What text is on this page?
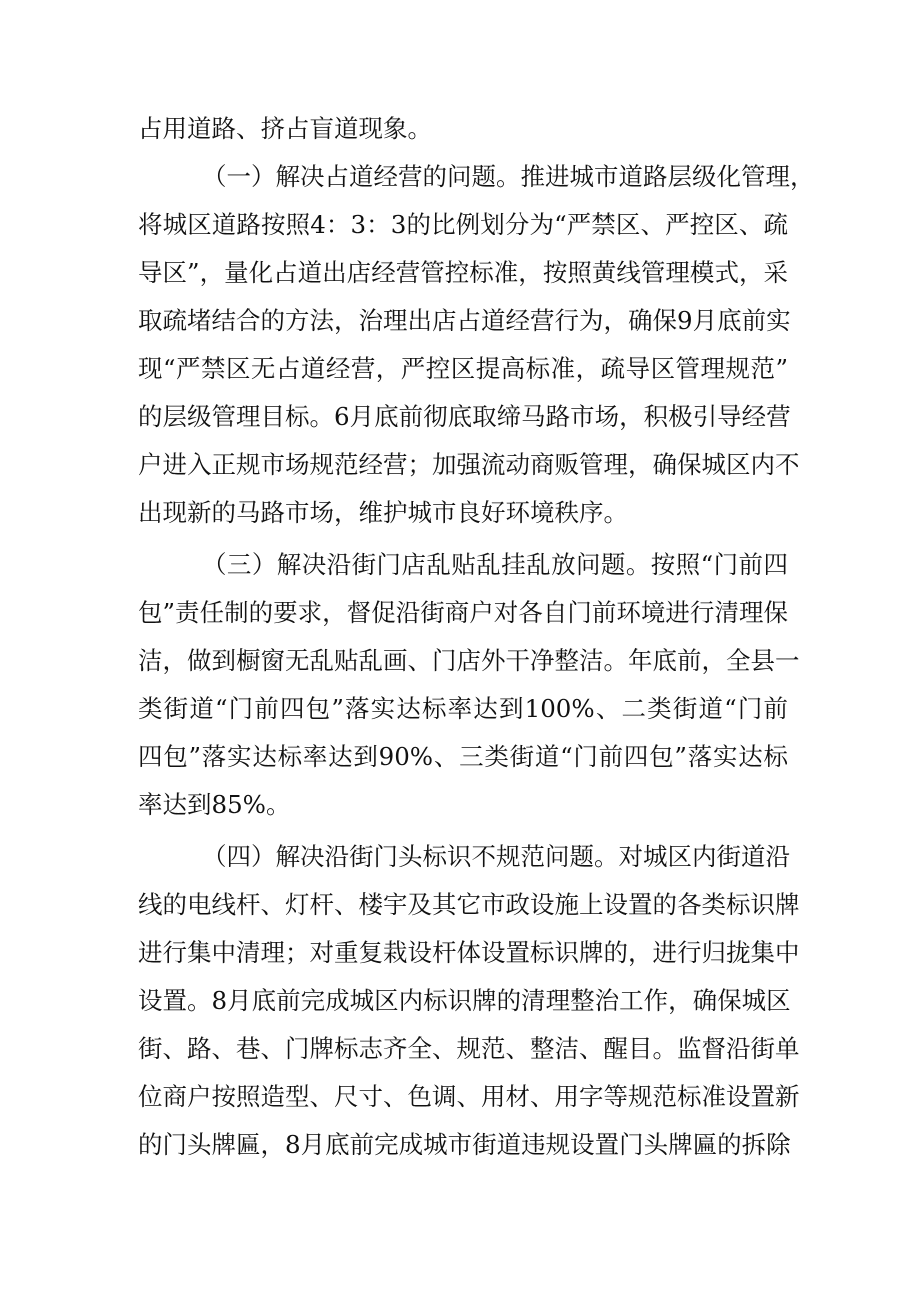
占用道路、挤占盲道现象。
（一）解决占道经营的问题。推进城市道路层级化管理，
将城区道路按照4：3：3的比例划分为“严禁区、严控区、疏
导区”，量化占道出店经营管控标准，按照黄线管理模式，采
取疏堵结合的方法，治理出店占道经营行为，确保9月底前实
现“严禁区无占道经营，严控区提高标准，疏导区管理规范”
的层级管理目标。6月底前彻底取缔马路市场，积极引导经营
户进入正规市场规范经营；加强流动商贩管理，确保城区内不
出现新的马路市场，维护城市良好环境秩序。
（三）解决沿街门店乱贴乱挂乱放问题。按照“门前四
包”责任制的要求，督促沿街商户对各自门前环境进行清理保
洁，做到橱窗无乱贴乱画、门店外干净整洁。年底前，全县一
类街道“门前四包”落实达标率达到100%、二类街道“门前
四包”落实达标率达到90%、三类街道“门前四包”落实达标
率达到85%。
（四）解决沿街门头标识不规范问题。对城区内街道沿
线的电线杆、灯杆、楼宇及其它市政设施上设置的各类标识牌
进行集中清理；对重复栽设杆体设置标识牌的，进行归拢集中
设置。8月底前完成城区内标识牌的清理整治工作，确保城区
街、路、巷、门牌标志齐全、规范、整洁、醒目。监督沿街单
位商户按照造型、尺寸、色调、用材、用字等规范标准设置新
的门头牌匾，8月底前完成城市街道违规设置门头牌匾的拆除
